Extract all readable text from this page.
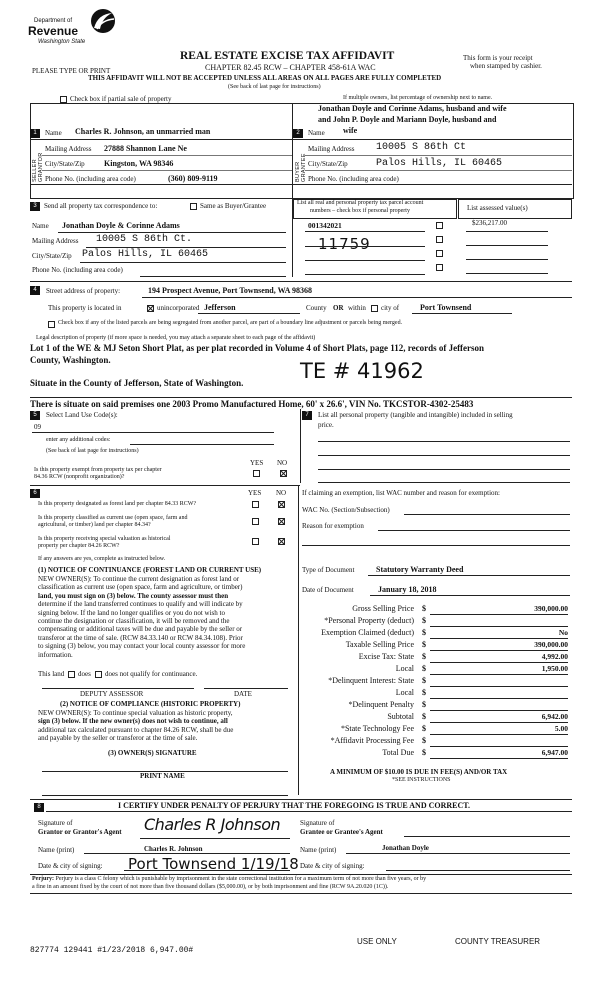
Department of
Revenue
Washington State
PLEASE TYPE OR PRINT
REAL ESTATE EXCISE TAX AFFIDAVIT
CHAPTER 82.45 RCW – CHAPTER 458-61A WAC
THIS AFFIDAVIT WILL NOT BE ACCEPTED UNLESS ALL AREAS ON ALL PAGES ARE FULLY COMPLETED
(See back of last page for instructions)
This form is your receipt
when stamped by cashier.
Check box if partial sale of property	If multiple owners, list percentage of ownership next to name.
1	Name Charles R. Johnson, an unmarried man
SELLER GRANTOR
Mailing Address 27888 Shannon Lane Ne
City/State/Zip Kingston, WA 98346
Phone No. (including area code)	(360) 809-9119
Jonathan Doyle and Corinne Adams, husband and wife
and John P. Doyle and Mariann Doyle, husband and
2	Name wife
BUYER GRANTEE
Mailing Address 10005 S 86th Ct
City/State/Zip	Palos Hills, IL 60465
Phone No. (including area code)
3	Send all property tax correspondence to:	Same as Buyer/Grantee
Name Jonathan Doyle & Corinne Adams
Mailing Address 10005 S 86th Ct.
City/State/Zip Palos Hills, IL 60465
Phone No. (including area code)
List all real and personal property tax parcel account
numbers – check box if personal property	List assessed value(s)
001342021	$236,217.00
11759
4	Street address of property:	194 Prospect Avenue, Port Townsend, WA 98368
This property is located in	unincorporated Jefferson	County OR within city of	Port Townsend
Check box if any of the listed parcels are being segregated from another parcel, are part of a boundary line adjustment or parcels being merged.
Legal description of property (if more space is needed, you may attach a separate sheet to each page of the affidavit)
Lot 1 of the WE & MJ Seton Short Plat, as per plat recorded in Volume 4 of Short Plats, page 112, records of Jefferson
County, Washington.
Situate in the County of Jefferson, State of Washington.	TE # 41962
There is situate on said premises one 2003 Promo Manufactured Home, 60' x 26.6', VIN No. TKCSTOR-4302-25483
5	Select Land Use Code(s):
09
enter any additional codes:
(See back of last page for instructions)
YES NO
Is this property exempt from property tax per chapter
84.36 RCW (nonprofit organization)?
7	List all personal property (tangible and intangible) included in selling
price.
6	YES NO
Is this property designated as forest land per chapter 84.33 RCW?
Is this property classified as current use (open space, farm and
agricultural, or timber) land per chapter 84.34?
Is this property receiving special valuation as historical
property per chapter 84.26 RCW?
If any answers are yes, complete as instructed below.
(1) NOTICE OF CONTINUANCE (FOREST LAND OR CURRENT USE)
NEW OWNER(S): To continue the current designation as forest land or
classification as current use (open space, farm and agriculture, or timber)
land, you must sign on (3) below. The county assessor must then
determine if the land transferred continues to qualify and will indicate by
signing below. If the land no longer qualifies or you do not wish to
continue the designation or classification, it will be removed and the
compensating or additional taxes will be due and payable by the seller or
transferor at the time of sale. (RCW 84.33.140 or RCW 84.34.108). Prior
to signing (3) below, you may contact your local county assessor for more
information.
This land does does not qualify for continuance.
DEPUTY ASSESSOR	DATE
(2) NOTICE OF COMPLIANCE (HISTORIC PROPERTY)
NEW OWNER(S): To continue special valuation as historic property,
sign (3) below. If the new owner(s) does not wish to continue, all
additional tax calculated pursuant to chapter 84.26 RCW, shall be due
and payable by the seller or transferor at the time of sale.
(3) OWNER(S) SIGNATURE
PRINT NAME
If claiming an exemption, list WAC number and reason for exemption:
WAC No. (Section/Subsection)
Reason for exemption
Type of Document	Statutory Warranty Deed
Date of Document	January 18, 2018
Gross Selling Price $	390,000.00
*Personal Property (deduct) $
Exemption Claimed (deduct) $	No
Taxable Selling Price $	390,000.00
Excise Tax: State $	4,992.00
Local $	1,950.00
*Delinquent Interest: State $
Local $
*Delinquent Penalty $
Subtotal $	6,942.00
*State Technology Fee $	5.00
*Affidavit Processing Fee $
Total Due $	6,947.00
A MINIMUM OF $10.00 IS DUE IN FEE(S) AND/OR TAX
*SEE INSTRUCTIONS
8	I CERTIFY UNDER PENALTY OF PERJURY THAT THE FOREGOING IS TRUE AND CORRECT.
Signature of
Grantor or Grantor's Agent Charles R Johnson
Name (print)	Charles R. Johnson
Date & city of signing: Port Townsend 1/19/18
Signature of
Grantee or Grantee's Agent
Name (print)	Jonathan Doyle
Date & city of signing:
Perjury: Perjury is a class C felony which is punishable by imprisonment in the state correctional institution for a maximum term of not more than five years, or by
a fine in an amount fixed by the court of not more than five thousand dollars ($5,000.00), or by both imprisonment and fine (RCW 9A.20.020 (1C)).
827774 129441 #1/23/2018 6,947.00#
USE ONLY	COUNTY TREASURER
